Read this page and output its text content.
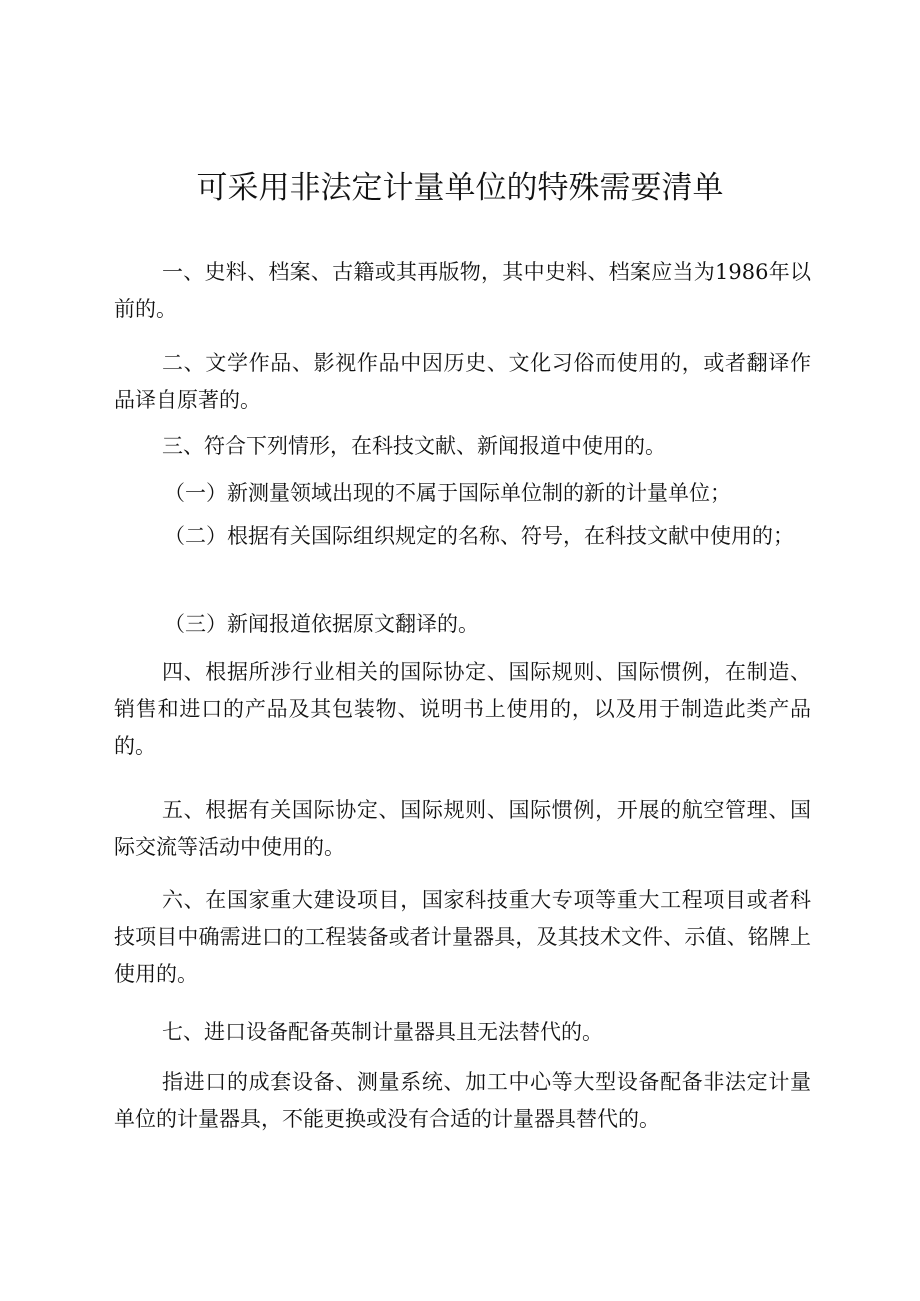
可采用非法定计量单位的特殊需要清单
一、史料、档案、古籍或其再版物，其中史料、档案应当为1986年以前的。
二、文学作品、影视作品中因历史、文化习俗而使用的，或者翻译作品译自原著的。
三、符合下列情形，在科技文献、新闻报道中使用的。
（一）新测量领域出现的不属于国际单位制的新的计量单位；
（二）根据有关国际组织规定的名称、符号，在科技文献中使用的；
（三）新闻报道依据原文翻译的。
四、根据所涉行业相关的国际协定、国际规则、国际惯例，在制造、销售和进口的产品及其包装物、说明书上使用的，以及用于制造此类产品的。
五、根据有关国际协定、国际规则、国际惯例，开展的航空管理、国际交流等活动中使用的。
六、在国家重大建设项目，国家科技重大专项等重大工程项目或者科技项目中确需进口的工程装备或者计量器具，及其技术文件、示值、铭牌上使用的。
七、进口设备配备英制计量器具且无法替代的。
指进口的成套设备、测量系统、加工中心等大型设备配备非法定计量单位的计量器具，不能更换或没有合适的计量器具替代的。
